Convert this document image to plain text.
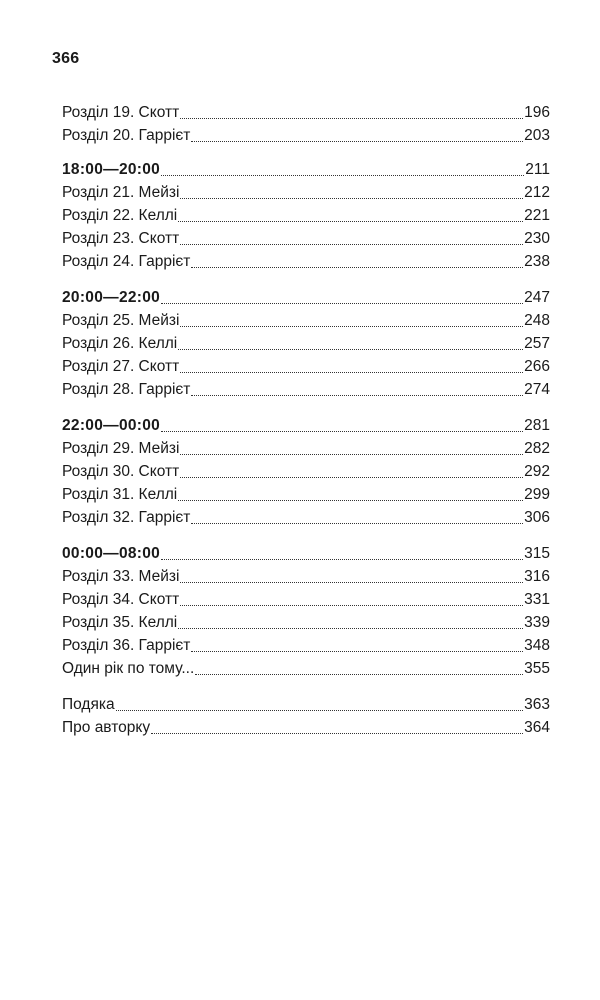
366
Розділ 19. Скотт	196
Розділ 20. Гаррієт	203
18:00—20:00	211
Розділ 21. Мейзі	212
Розділ 22. Келлі	221
Розділ 23. Скотт	230
Розділ 24. Гаррієт	238
20:00—22:00	247
Розділ 25. Мейзі	248
Розділ 26. Келлі	257
Розділ 27. Скотт	266
Розділ 28. Гаррієт	274
22:00—00:00	281
Розділ 29. Мейзі	282
Розділ 30. Скотт	292
Розділ 31. Келлі	299
Розділ 32. Гаррієт	306
00:00—08:00	315
Розділ 33. Мейзі	316
Розділ 34. Скотт	331
Розділ 35. Келлі	339
Розділ 36. Гаррієт	348
Один рік по тому...	355
Подяка	363
Про авторку	364
